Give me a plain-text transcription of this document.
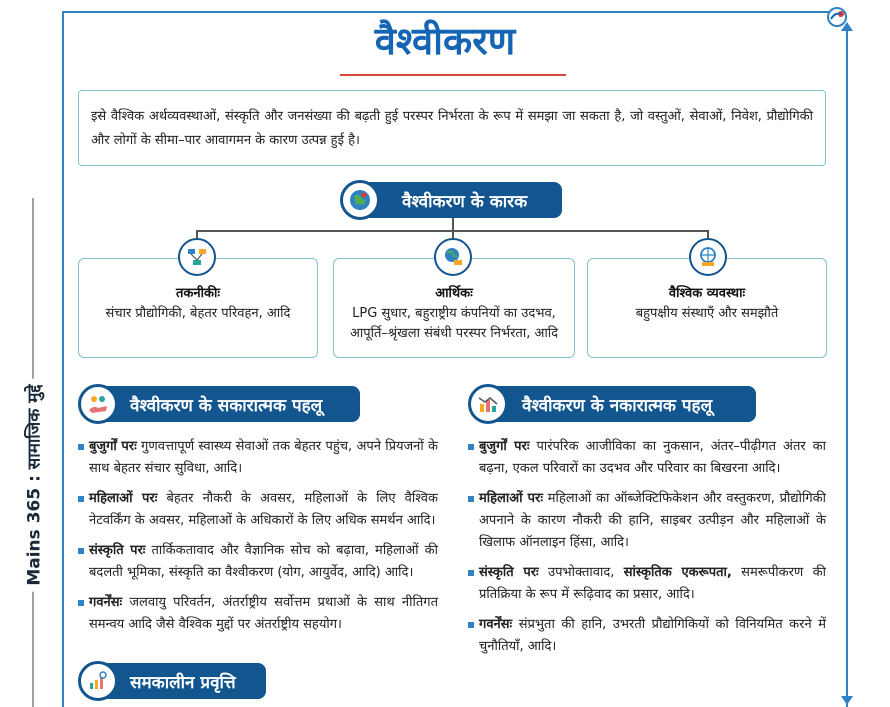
Mains 365 : सामाजिक मुद्दे
वैश्वीकरण
इसे वैश्विक अर्थव्यवस्थाओं, संस्कृति और जनसंख्या की बढ़ती हुई परस्पर निर्भरता के रूप में समझा जा सकता है, जो वस्तुओं, सेवाओं, निवेश, प्रौद्योगिकी और लोगों के सीमा–पार आवागमन के कारण उत्पन्न हुई है।
वैश्वीकरण के कारक
तकनीकीः
संचार प्रौद्योगिकी, बेहतर परिवहन, आदि
आर्थिकः
LPG सुधार, बहुराष्ट्रीय कंपनियों का उदभव, आपूर्ति–श्रृंखला संबंधी परस्पर निर्भरता, आदि
वैश्विक व्यवस्थाः
बहुपक्षीय संस्थाएँ और समझौते
वैश्वीकरण के सकारात्मक पहलू	वैश्वीकरण के नकारात्मक पहलू
बुजुर्गों परः गुणवत्तापूर्ण स्वास्थ्य सेवाओं तक बेहतर पहुंच, अपने प्रियजनों के साथ बेहतर संचार सुविधा, आदि।
महिलाओं परः बेहतर नौकरी के अवसर, महिलाओं के लिए वैश्विक नेटवर्किंग के अवसर, महिलाओं के अधिकारों के लिए अधिक समर्थन आदि।
संस्कृति परः तार्किकतावाद और वैज्ञानिक सोच को बढ़ावा, महिलाओं की बदलती भूमिका, संस्कृति का वैश्वीकरण (योग, आयुर्वेद, आदि) आदि।
गवर्नेंसः जलवायु परिवर्तन, अंतर्राष्ट्रीय सर्वोत्तम प्रथाओं के साथ नीतिगत समन्वय आदि जैसे वैश्विक मुद्दों पर अंतर्राष्ट्रीय सहयोग।
बुजुर्गों परः पारंपरिक आजीविका का नुकसान, अंतर–पीढ़ीगत अंतर का बढ़ना, एकल परिवारों का उदभव और परिवार का बिखरना आदि।
महिलाओं परः महिलाओं का ऑब्जेक्टिफिकेशन और वस्तुकरण, प्रौद्योगिकी अपनाने के कारण नौकरी की हानि, साइबर उत्पीड़न और महिलाओं के खिलाफ ऑनलाइन हिंसा, आदि।
संस्कृति परः उपभोक्तावाद, सांस्कृतिक एकरूपता, समरूपीकरण की प्रतिक्रिया के रूप में रूढ़िवाद का प्रसार, आदि।
गवर्नेंसः संप्रभुता की हानि, उभरती प्रौद्योगिकियों को विनियमित करने में चुनौतियाँ, आदि।
समकालीन प्रवृत्ति
